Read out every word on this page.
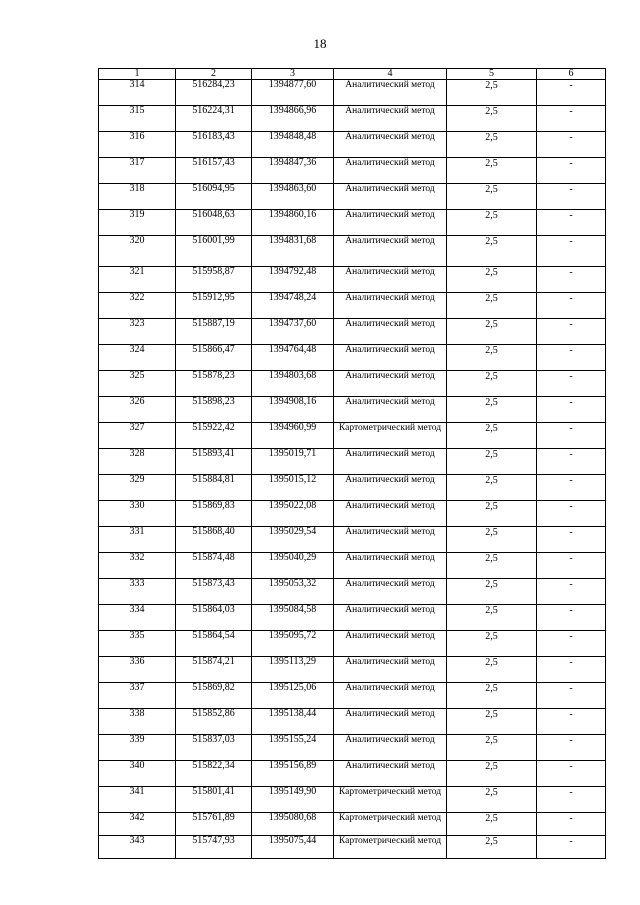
18
1	2	3	4	5	6
314	516284,23	1394877,60	Аналитический метод	2,5	-
315	516224,31	1394866,96	Аналитический метод	2,5	-
316	516183,43	1394848,48	Аналитический метод	2,5	-
317	516157,43	1394847,36	Аналитический метод	2,5	-
318	516094,95	1394863,60	Аналитический метод	2,5	-
319	516048,63	1394860,16	Аналитический метод	2,5	-
320	516001,99	1394831,68	Аналитический метод	2,5	-
321	515958,87	1394792,48	Аналитический метод	2,5	-
322	515912,95	1394748,24	Аналитический метод	2,5	-
323	515887,19	1394737,60	Аналитический метод	2,5	-
324	515866,47	1394764,48	Аналитический метод	2,5	-
325	515878,23	1394803,68	Аналитический метод	2,5	-
326	515898,23	1394908,16	Аналитический метод	2,5	-
327	515922,42	1394960,99	Картометрический метод	2,5	-
328	515893,41	1395019,71	Аналитический метод	2,5	-
329	515884,81	1395015,12	Аналитический метод	2,5	-
330	515869,83	1395022,08	Аналитический метод	2,5	-
331	515868,40	1395029,54	Аналитический метод	2,5	-
332	515874,48	1395040,29	Аналитический метод	2,5	-
333	515873,43	1395053,32	Аналитический метод	2,5	-
334	515864,03	1395084,58	Аналитический метод	2,5	-
335	515864,54	1395095,72	Аналитический метод	2,5	-
336	515874,21	1395113,29	Аналитический метод	2,5	-
337	515869,82	1395125,06	Аналитический метод	2,5	-
338	515852,86	1395138,44	Аналитический метод	2,5	-
339	515837,03	1395155,24	Аналитический метод	2,5	-
340	515822,34	1395156,89	Аналитический метод	2,5	-
341	515801,41	1395149,90	Картометрический метод	2,5	-
342	515761,89	1395080,68	Картометрический метод	2,5	-
343	515747,93	1395075,44	Картометрический метод	2,5	-
